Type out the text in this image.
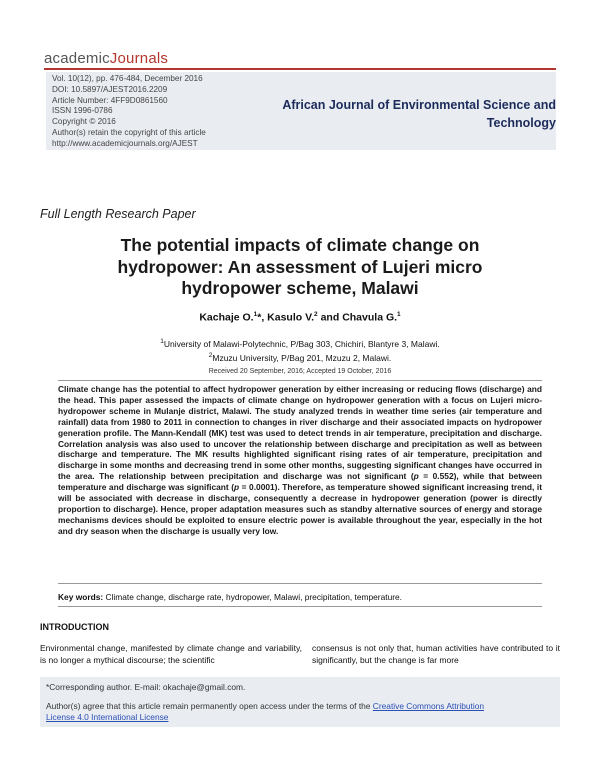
academicJournals
Vol. 10(12), pp. 476-484, December 2016
DOI: 10.5897/AJEST2016.2209
Article Number: 4FF9D0861560
ISSN 1996-0786
Copyright © 2016
Author(s) retain the copyright of this article
http://www.academicjournals.org/AJEST
African Journal of Environmental Science and
Technology
Full Length Research Paper
The potential impacts of climate change on
hydropower: An assessment of Lujeri micro
hydropower scheme, Malawi
Kachaje O.$^1$*, Kasulo V.$^2$ and Chavula G.$^1$
$^1$University of Malawi-Polytechnic, P/Bag 303, Chichiri, Blantyre 3, Malawi.
$^2$Mzuzu University, P/Bag 201, Mzuzu 2, Malawi.
Received 20 September, 2016; Accepted 19 October, 2016
Climate change has the potential to affect hydropower generation by either increasing or reducing flows (discharge) and the head. This paper assessed the impacts of climate change on hydropower generation with a focus on Lujeri micro-hydropower scheme in Mulanje district, Malawi. The study analyzed trends in weather time series (air temperature and rainfall) data from 1980 to 2011 in connection to changes in river discharge and their associated impacts on hydropower generation profile. The Mann-Kendall (MK) test was used to detect trends in air temperature, precipitation and discharge. Correlation analysis was also used to uncover the relationship between discharge and precipitation as well as between discharge and temperature. The MK results highlighted significant rising rates of air temperature, precipitation and discharge in some months and decreasing trend in some other months, suggesting significant changes have occurred in the area. The relationship between precipitation and discharge was not significant (p = 0.552), while that between temperature and discharge was significant (p = 0.0001). Therefore, as temperature showed significant increasing trend, it will be associated with decrease in discharge, consequently a decrease in hydropower generation (power is directly proportion to discharge). Hence, proper adaptation measures such as standby alternative sources of energy and storage mechanisms devices should be exploited to ensure electric power is available throughout the year, especially in the hot and dry season when the discharge is usually very low.
Key words: Climate change, discharge rate, hydropower, Malawi, precipitation, temperature.
INTRODUCTION
Environmental change, manifested by climate change and variability, is no longer a mythical discourse; the scientific
consensus is not only that, human activities have contributed to it significantly, but the change is far more
*Corresponding author. E-mail: okachaje@gmail.com.
Author(s) agree that this article remain permanently open access under the terms of the Creative Commons Attribution
License 4.0 International License
